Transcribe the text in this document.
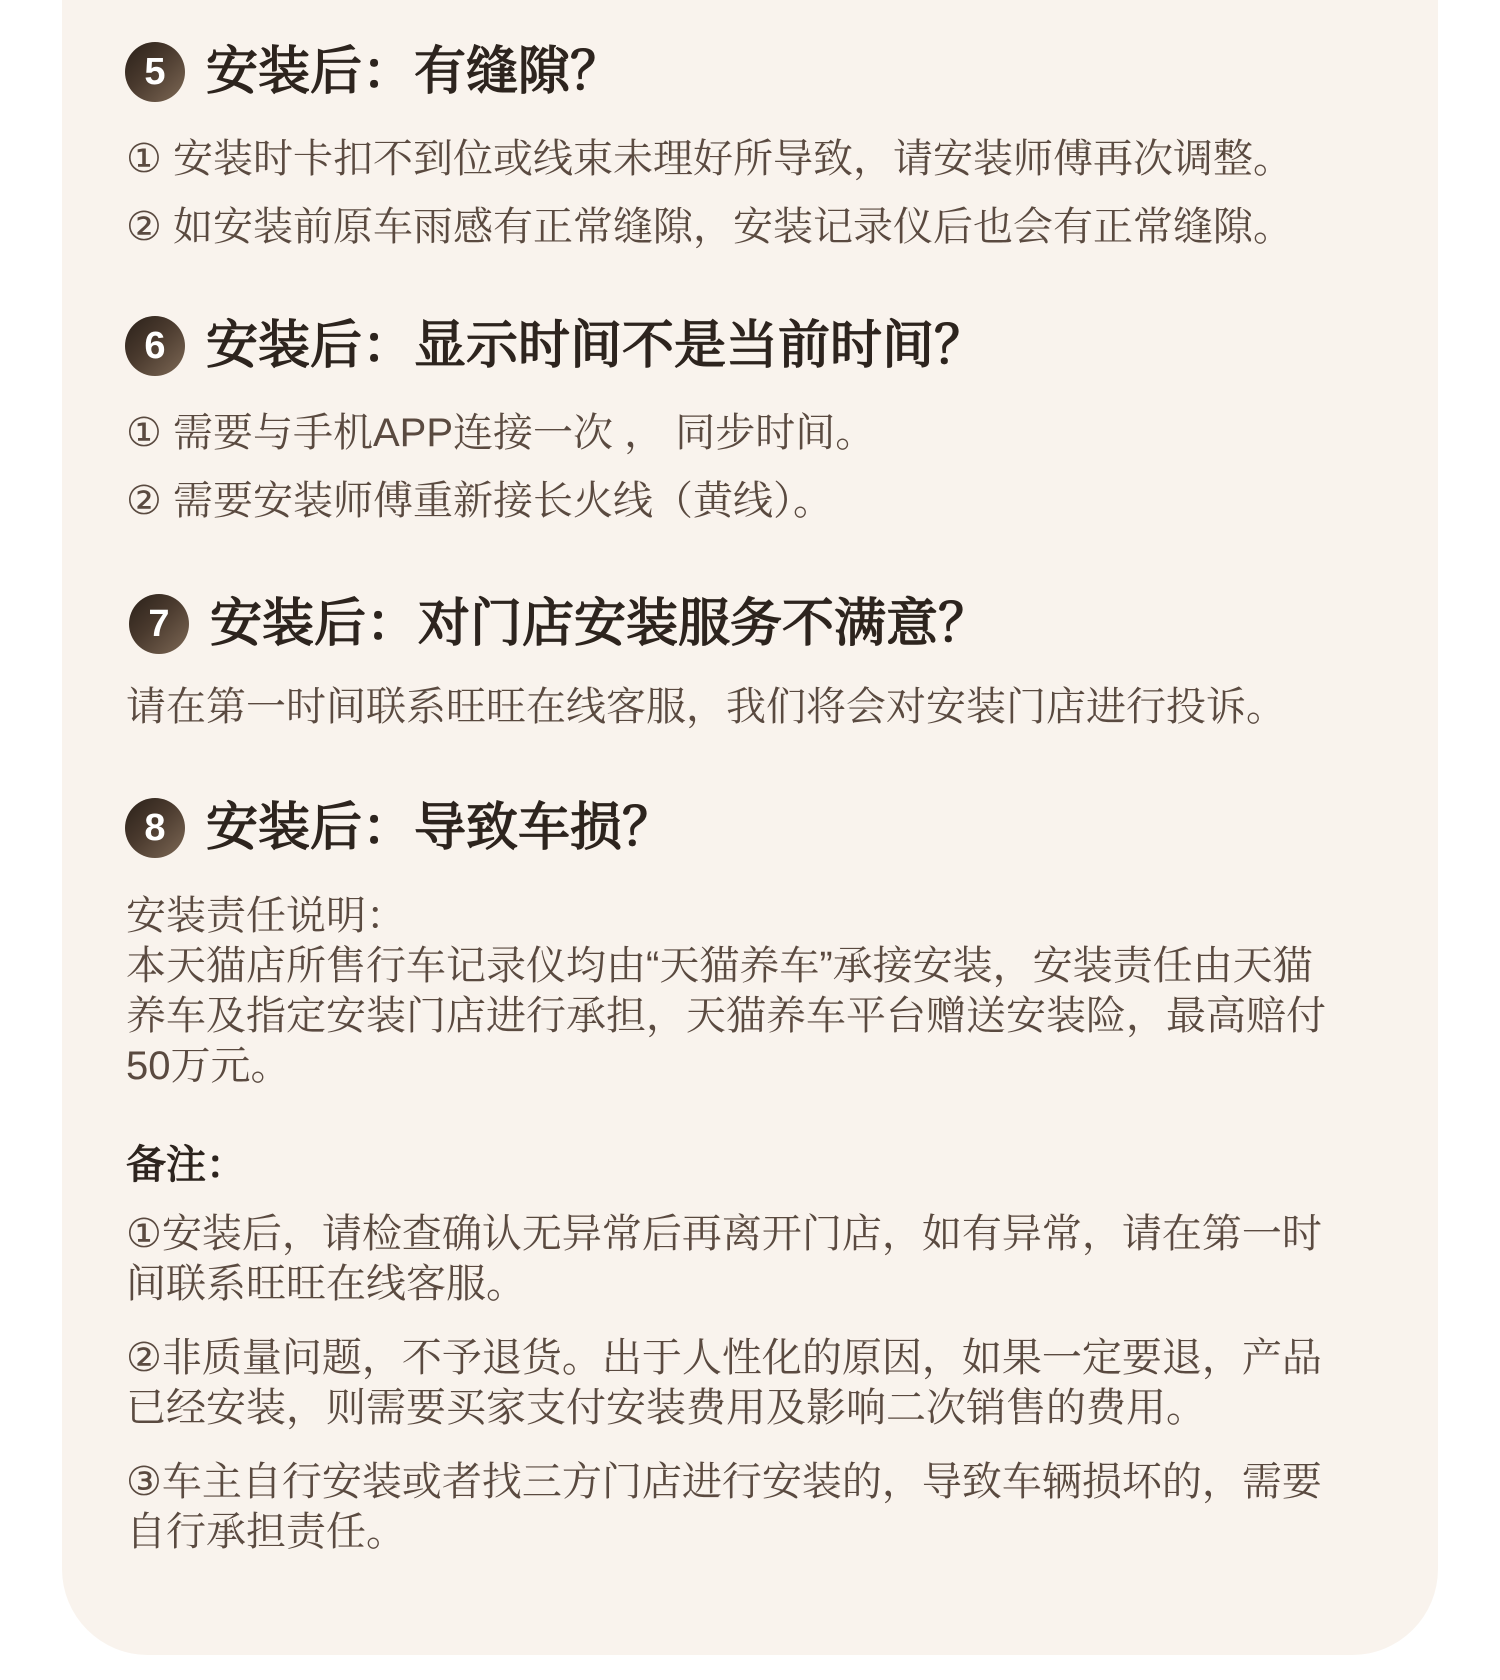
5 安装后：有缝隙？
① 安装时卡扣不到位或线束未理好所导致，请安装师傅再次调整。
② 如安装前原车雨感有正常缝隙，安装记录仪后也会有正常缝隙。
6 安装后：显示时间不是当前时间？
① 需要与手机APP连接一次 ， 同步时间。
② 需要安装师傅重新接长火线（黄线）。
7 安装后：对门店安装服务不满意？
请在第一时间联系旺旺在线客服，我们将会对安装门店进行投诉。
8 安装后：导致车损？
安装责任说明：
本天猫店所售行车记录仪均由“天猫养车”承接安装，安装责任由天猫养车及指定安装门店进行承担，天猫养车平台赠送安装险，最高赔付50万元。
备注：
①安装后，请检查确认无异常后再离开门店，如有异常，请在第一时间联系旺旺在线客服。
②非质量问题，不予退货。出于人性化的原因，如果一定要退，产品已经安装，则需要买家支付安装费用及影响二次销售的费用。
③车主自行安装或者找三方门店进行安装的，导致车辆损坏的，需要自行承担责任。
